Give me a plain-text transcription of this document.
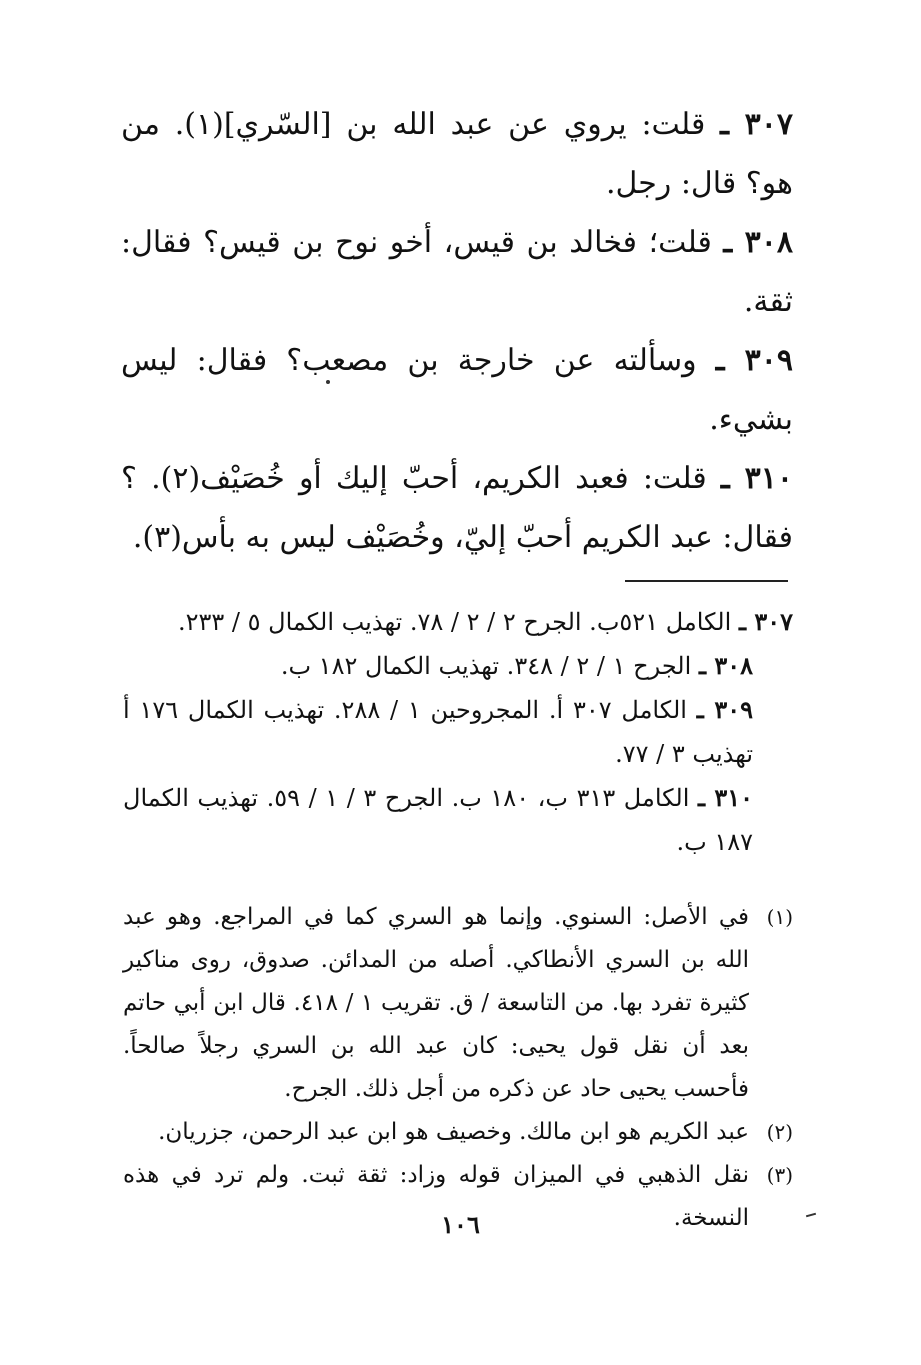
٣٠٧ ـ قلت: يروي عن عبد الله بن [السّري](١). من هو؟ قال: رجل.

٣٠٨ ـ قلت؛ فخالد بن قيس، أخو نوح بن قيس؟ فقال: ثقة.

٣٠٩ ـ وسألته عن خارجة بن مصعب؟ فقال: ليس بشيء.

٣١٠ ـ قلت: فعبد الكريم، أحبّ إليك أو خُصَيْف(٢). ؟ فقال: عبد الكريم أحبّ إليّ، وخُصَيْف ليس به بأس(٣).

٣٠٧ ـ الكامل ٥٢١ب. الجرح ٢ / ٢ / ٧٨. تهذيب الكمال ٥ / ٢٣٣.

٣٠٨ ـ الجرح ١ / ٢ / ٣٤٨. تهذيب الكمال ١٨٢ ب.

٣٠٩ ـ الكامل ٣٠٧ أ. المجروحين ١ / ٢٨٨. تهذيب الكمال ١٧٦ أ تهذيب ٣ / ٧٧.

٣١٠ ـ الكامل ٣١٣ ب، ١٨٠ ب. الجرح ٣ / ١ / ٥٩. تهذيب الكمال ١٨٧ ب.

(١)
في الأصل: السنوي. وإنما هو السري كما في المراجع. وهو عبد الله بن السري الأنطاكي. أصله من المدائن. صدوق، روى مناكير كثيرة تفرد بها. من التاسعة / ق. تقريب ١ / ٤١٨. قال ابن أبي حاتم بعد أن نقل قول يحيى: كان عبد الله بن السري رجلاً صالحاً. فأحسب يحيى حاد عن ذكره من أجل ذلك. الجرح.
(٢)
عبد الكريم هو ابن مالك. وخصيف هو ابن عبد الرحمن، جزريان.
(٣)
نقل الذهبي في الميزان قوله وزاد: ثقة ثبت. ولم ترد في هذه النسخة.
١٠٦
